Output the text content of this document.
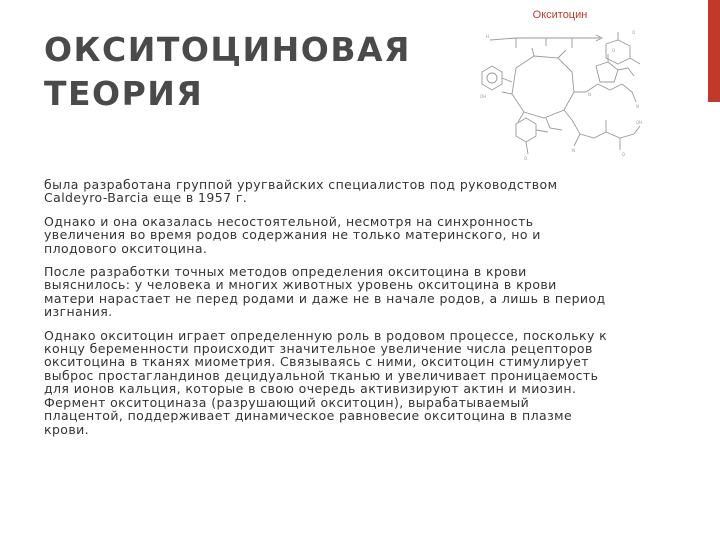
ОКСИТОЦИНОВАЯ
ТЕОРИЯ
Окситоцин
H
O
OH
N
O
N
O
OH
N
O

была разработана группой уругвайских специалистов под руководством Caldeyro-Barcia еще в 1957 г.

Однако и она оказалась несостоятельной, несмотря на синхронность увеличения во время родов содержания не только материнского, но и плодового окситоцина.

После разработки точных методов определения окситоцина в крови выяснилось: у человека и многих животных уровень окситоцина в крови матери нарастает не перед родами и даже не в начале родов, а лишь в период изгнания.

Однако окситоцин играет определенную роль в родовом процессе, поскольку к концу беременности происходит значительное увеличение числа рецепторов окситоцина в тканях миометрия. Связываясь с ними, окситоцин стимулирует выброс простагландинов децидуальной тканью и увеличивает проницаемость для ионов кальция, которые в свою очередь активизируют актин и миозин. Фермент окситоциназа (разрушающий окситоцин), вырабатываемый плацентой, поддерживает динамическое равновесие окситоцина в плазме крови.
